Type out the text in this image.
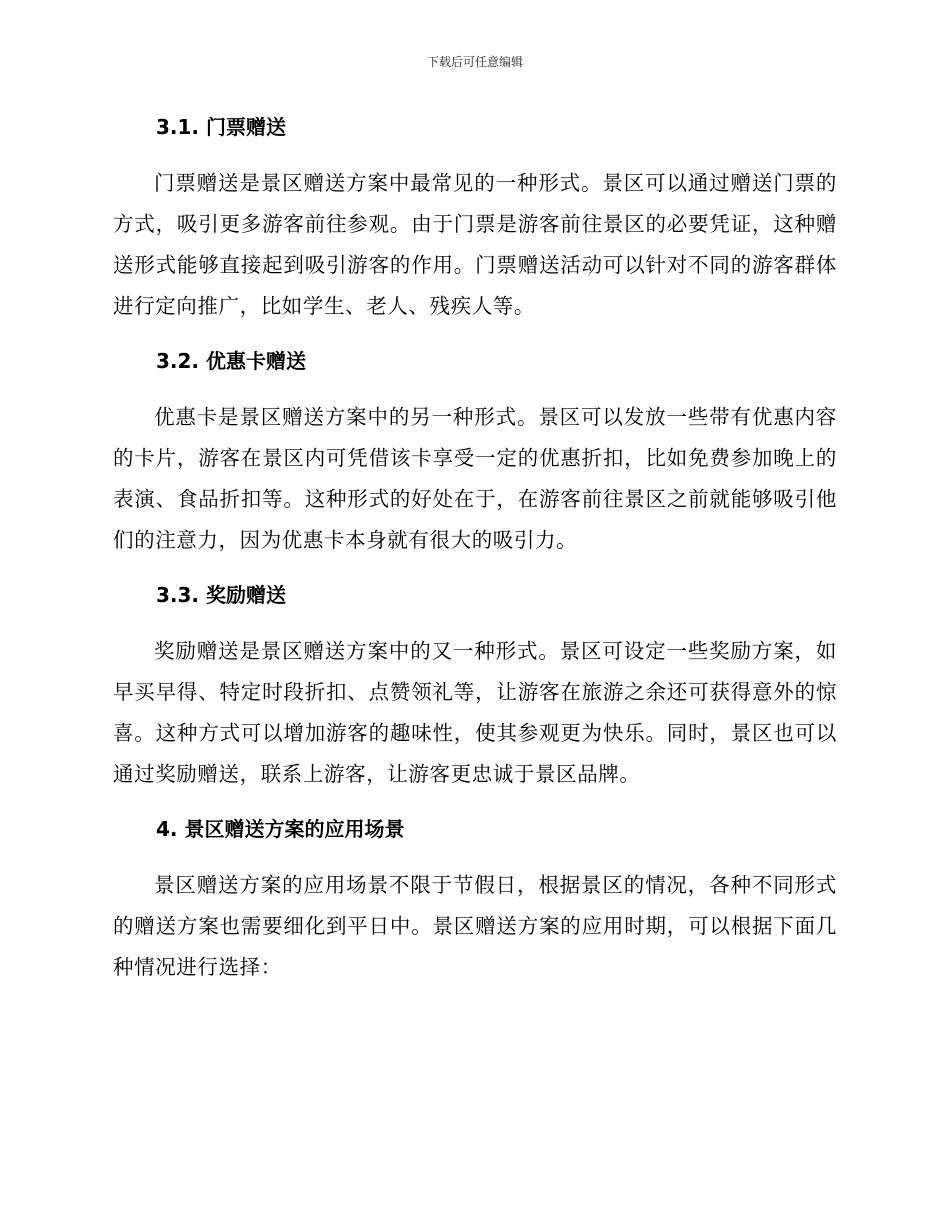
下载后可任意编辑
3.1. 门票赠送

门票赠送是景区赠送方案中最常见的一种形式。景区可以通过赠送门票的方式，吸引更多游客前往参观。由于门票是游客前往景区的必要凭证，这种赠送形式能够直接起到吸引游客的作用。门票赠送活动可以针对不同的游客群体进行定向推广，比如学生、老人、残疾人等。

3.2. 优惠卡赠送

优惠卡是景区赠送方案中的另一种形式。景区可以发放一些带有优惠内容的卡片，游客在景区内可凭借该卡享受一定的优惠折扣，比如免费参加晚上的表演、食品折扣等。这种形式的好处在于，在游客前往景区之前就能够吸引他们的注意力，因为优惠卡本身就有很大的吸引力。

3.3. 奖励赠送

奖励赠送是景区赠送方案中的又一种形式。景区可设定一些奖励方案，如早买早得、特定时段折扣、点赞领礼等，让游客在旅游之余还可获得意外的惊喜。这种方式可以增加游客的趣味性，使其参观更为快乐。同时，景区也可以通过奖励赠送，联系上游客，让游客更忠诚于景区品牌。

4. 景区赠送方案的应用场景

景区赠送方案的应用场景不限于节假日，根据景区的情况，各种不同形式的赠送方案也需要细化到平日中。景区赠送方案的应用时期，可以根据下面几种情况进行选择：
